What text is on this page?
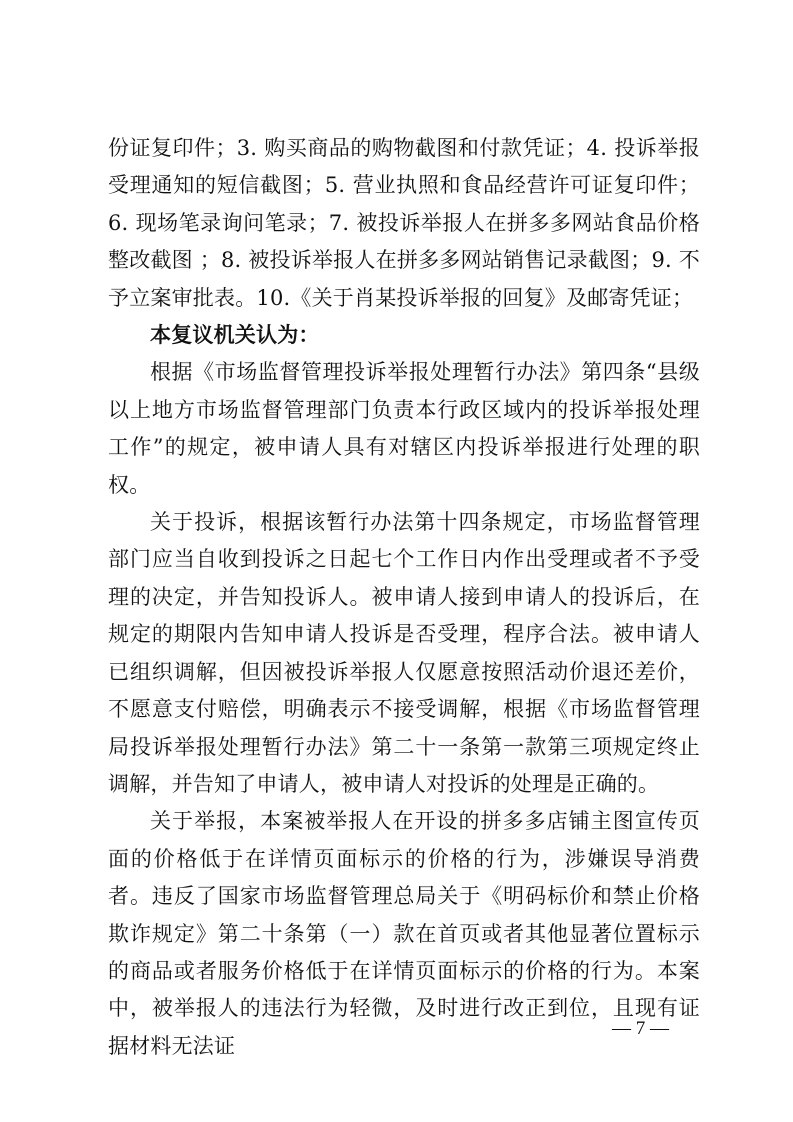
份证复印件；3. 购买商品的购物截图和付款凭证；4. 投诉举报受理通知的短信截图；5. 营业执照和食品经营许可证复印件；6. 现场笔录询问笔录；7. 被投诉举报人在拼多多网站食品价格整改截图 ；8. 被投诉举报人在拼多多网站销售记录截图；9. 不予立案审批表。10.《关于肖某投诉举报的回复》及邮寄凭证；

本复议机关认为：

根据《市场监督管理投诉举报处理暂行办法》第四条“县级以上地方市场监督管理部门负责本行政区域内的投诉举报处理工作”的规定，被申请人具有对辖区内投诉举报进行处理的职权。

关于投诉，根据该暂行办法第十四条规定，市场监督管理部门应当自收到投诉之日起七个工作日内作出受理或者不予受理的决定，并告知投诉人。被申请人接到申请人的投诉后，在规定的期限内告知申请人投诉是否受理，程序合法。被申请人已组织调解，但因被投诉举报人仅愿意按照活动价退还差价，不愿意支付赔偿，明确表示不接受调解，根据《市场监督管理局投诉举报处理暂行办法》第二十一条第一款第三项规定终止调解，并告知了申请人，被申请人对投诉的处理是正确的。

关于举报，本案被举报人在开设的拼多多店铺主图宣传页面的价格低于在详情页面标示的价格的行为，涉嫌误导消费者。违反了国家市场监督管理总局关于《明码标价和禁止价格欺诈规定》第二十条第（一）款在首页或者其他显著位置标示的商品或者服务价格低于在详情页面标示的价格的行为。本案中，被举报人的违法行为轻微，及时进行改正到位，且现有证据材料无法证

— 7 —
